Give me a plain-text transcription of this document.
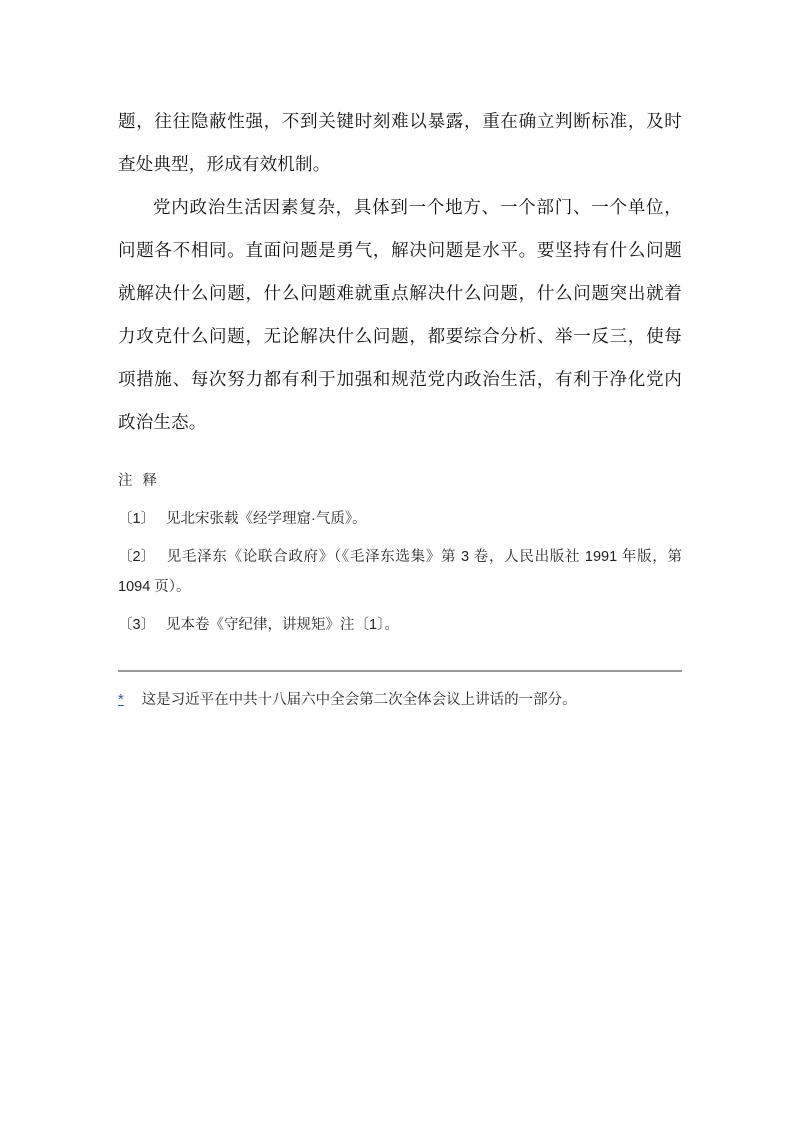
题，往往隐蔽性强，不到关键时刻难以暴露，重在确立判断标准，及时查处典型，形成有效机制。

党内政治生活因素复杂，具体到一个地方、一个部门、一个单位，问题各不相同。直面问题是勇气，解决问题是水平。要坚持有什么问题就解决什么问题，什么问题难就重点解决什么问题，什么问题突出就着力攻克什么问题，无论解决什么问题，都要综合分析、举一反三，使每项措施、每次努力都有利于加强和规范党内政治生活，有利于净化党内政治生态。

注 释
〔1〕 见北宋张载《经学理窟·气质》。
〔2〕 见毛泽东《论联合政府》（《毛泽东选集》第 3 卷，人民出版社 1991 年版，第 1094 页）。
〔3〕 见本卷《守纪律，讲规矩》注〔1〕。
* 这是习近平在中共十八届六中全会第二次全体会议上讲话的一部分。
